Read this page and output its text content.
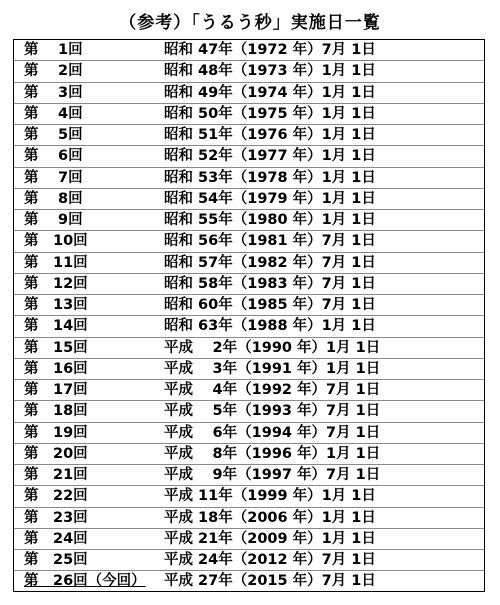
（参考）「うるう秒」実施日一覧
第　 1回	昭和 47年（1972 年）7月 1日
第　 2回	昭和 48年（1973 年）1月 1日
第　 3回	昭和 49年（1974 年）1月 1日
第　 4回	昭和 50年（1975 年）1月 1日
第　 5回	昭和 51年（1976 年）1月 1日
第　 6回	昭和 52年（1977 年）1月 1日
第　 7回	昭和 53年（1978 年）1月 1日
第　 8回	昭和 54年（1979 年）1月 1日
第　 9回	昭和 55年（1980 年）1月 1日
第　10回	昭和 56年（1981 年）7月 1日
第　11回	昭和 57年（1982 年）7月 1日
第　12回	昭和 58年（1983 年）7月 1日
第　13回	昭和 60年（1985 年）7月 1日
第　14回	昭和 63年（1988 年）1月 1日
第　15回	平成　 2年（1990 年）1月 1日
第　16回	平成　 3年（1991 年）1月 1日
第　17回	平成　 4年（1992 年）7月 1日
第　18回	平成　 5年（1993 年）7月 1日
第　19回	平成　 6年（1994 年）7月 1日
第　20回	平成　 8年（1996 年）1月 1日
第　21回	平成　 9年（1997 年）7月 1日
第　22回	平成 11年（1999 年）1月 1日
第　23回	平成 18年（2006 年）1月 1日
第　24回	平成 21年（2009 年）1月 1日
第　25回	平成 24年（2012 年）7月 1日
第　26回（今回） 平成 27年（2015 年）7月 1日
